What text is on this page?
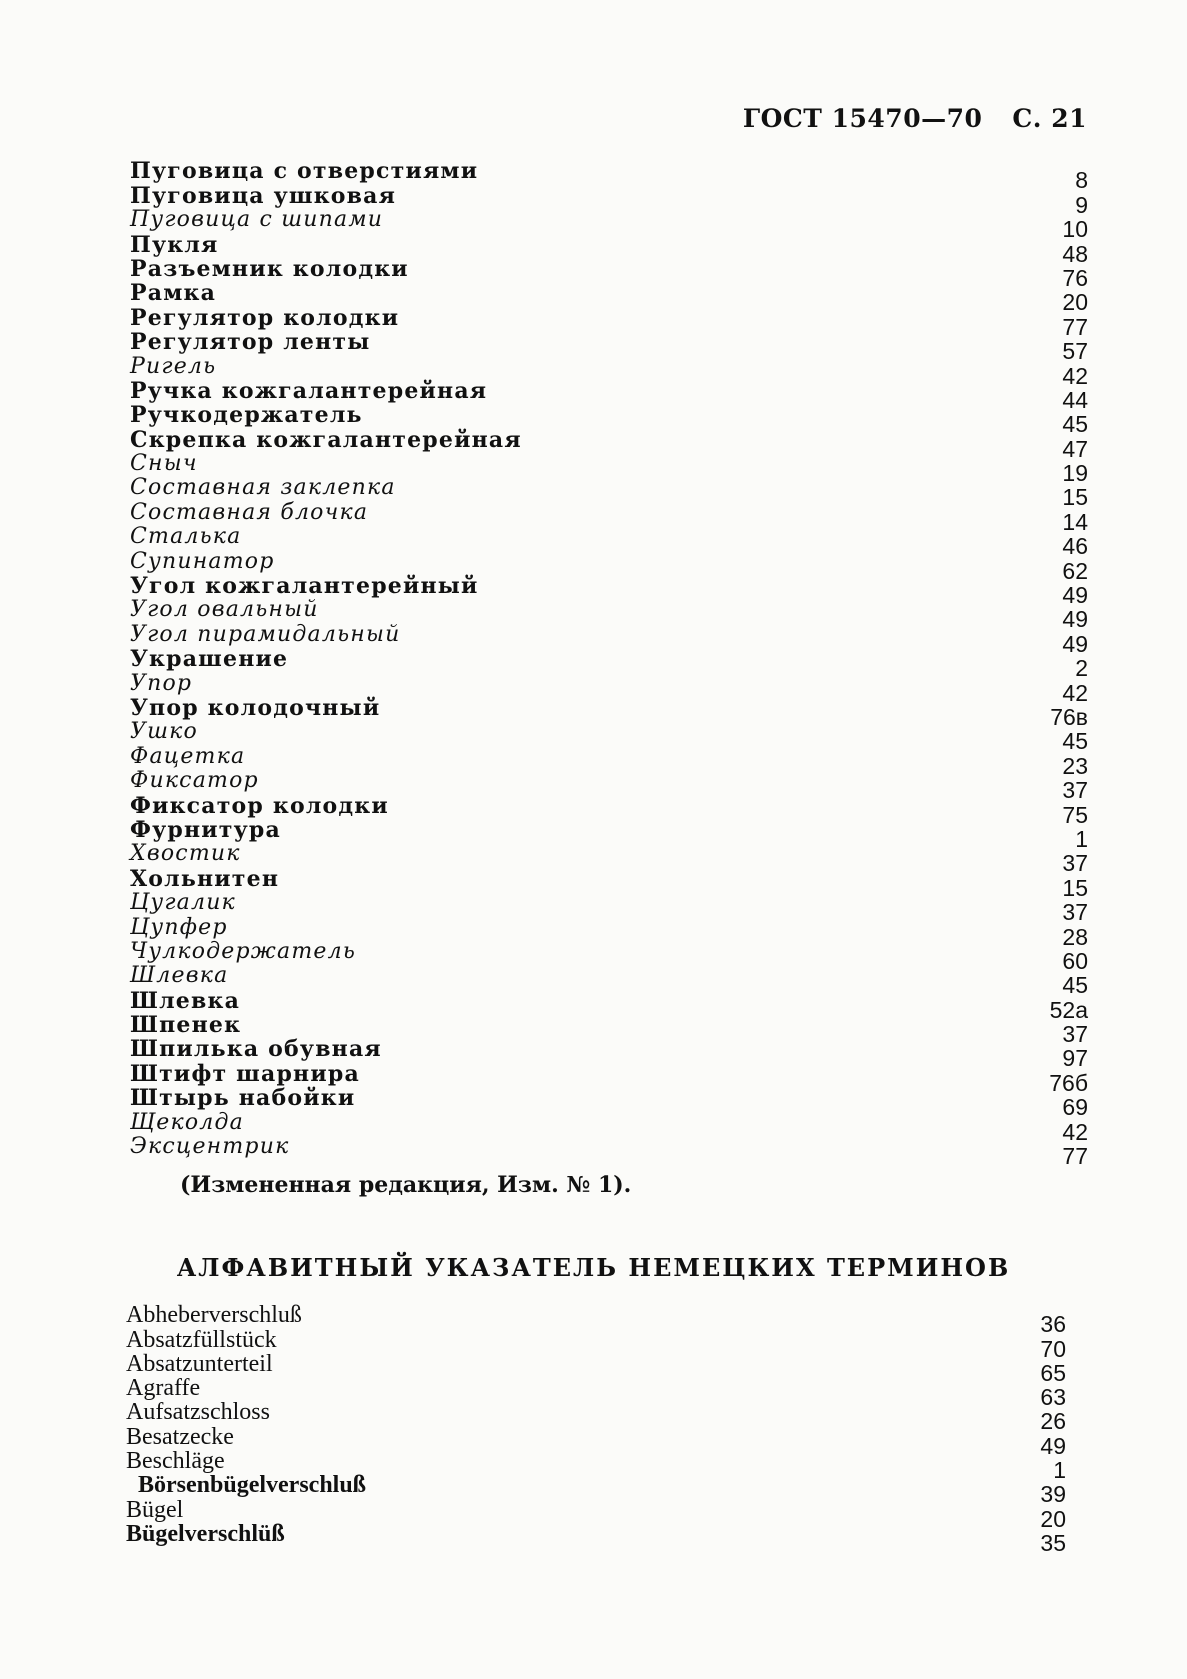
ГОСТ 15470—70 С. 21
Пуговица с отверстиями	8
Пуговица ушковая	9
Пуговица с шипами	10
Пукля	48
Разъемник колодки	76
Рамка	20
Регулятор колодки	77
Регулятор ленты	57
Ригель	42
Ручка кожгалантерейная	44
Ручкодержатель	45
Скрепка кожгалантерейная	47
Сныч	19
Составная заклепка	15
Составная блочка	14
Сталька	46
Супинатор	62
Угол кожгалантерейный	49
Угол овальный	49
Угол пирамидальный	49
Украшение	2
Упор	42
Упор колодочный	76в
Ушко	45
Фацетка	23
Фиксатор	37
Фиксатор колодки	75
Фурнитура	1
Хвостик	37
Хольнитен	15
Цугалик	37
Цупфер	28
Чулкодержатель	60
Шлевка	45
Шлевка	52а
Шпенек	37
Шпилька обувная	97
Штифт шарнира	76б
Штырь набойки	69
Щеколда	42
Эксцентрик	77
(Измененная редакция, Изм. № 1).
АЛФАВИТНЫЙ УКАЗАТЕЛЬ НЕМЕЦКИХ ТЕРМИНОВ
Abheberverschluß	36
Absatzfüllstück	70
Absatzunterteil	65
Agraffe	63
Aufsatzschloss	26
Besatzecke	49
Beschläge	1
Börsenbügelverschluß	39
Bügel	20
Bügelverschlüß	35
